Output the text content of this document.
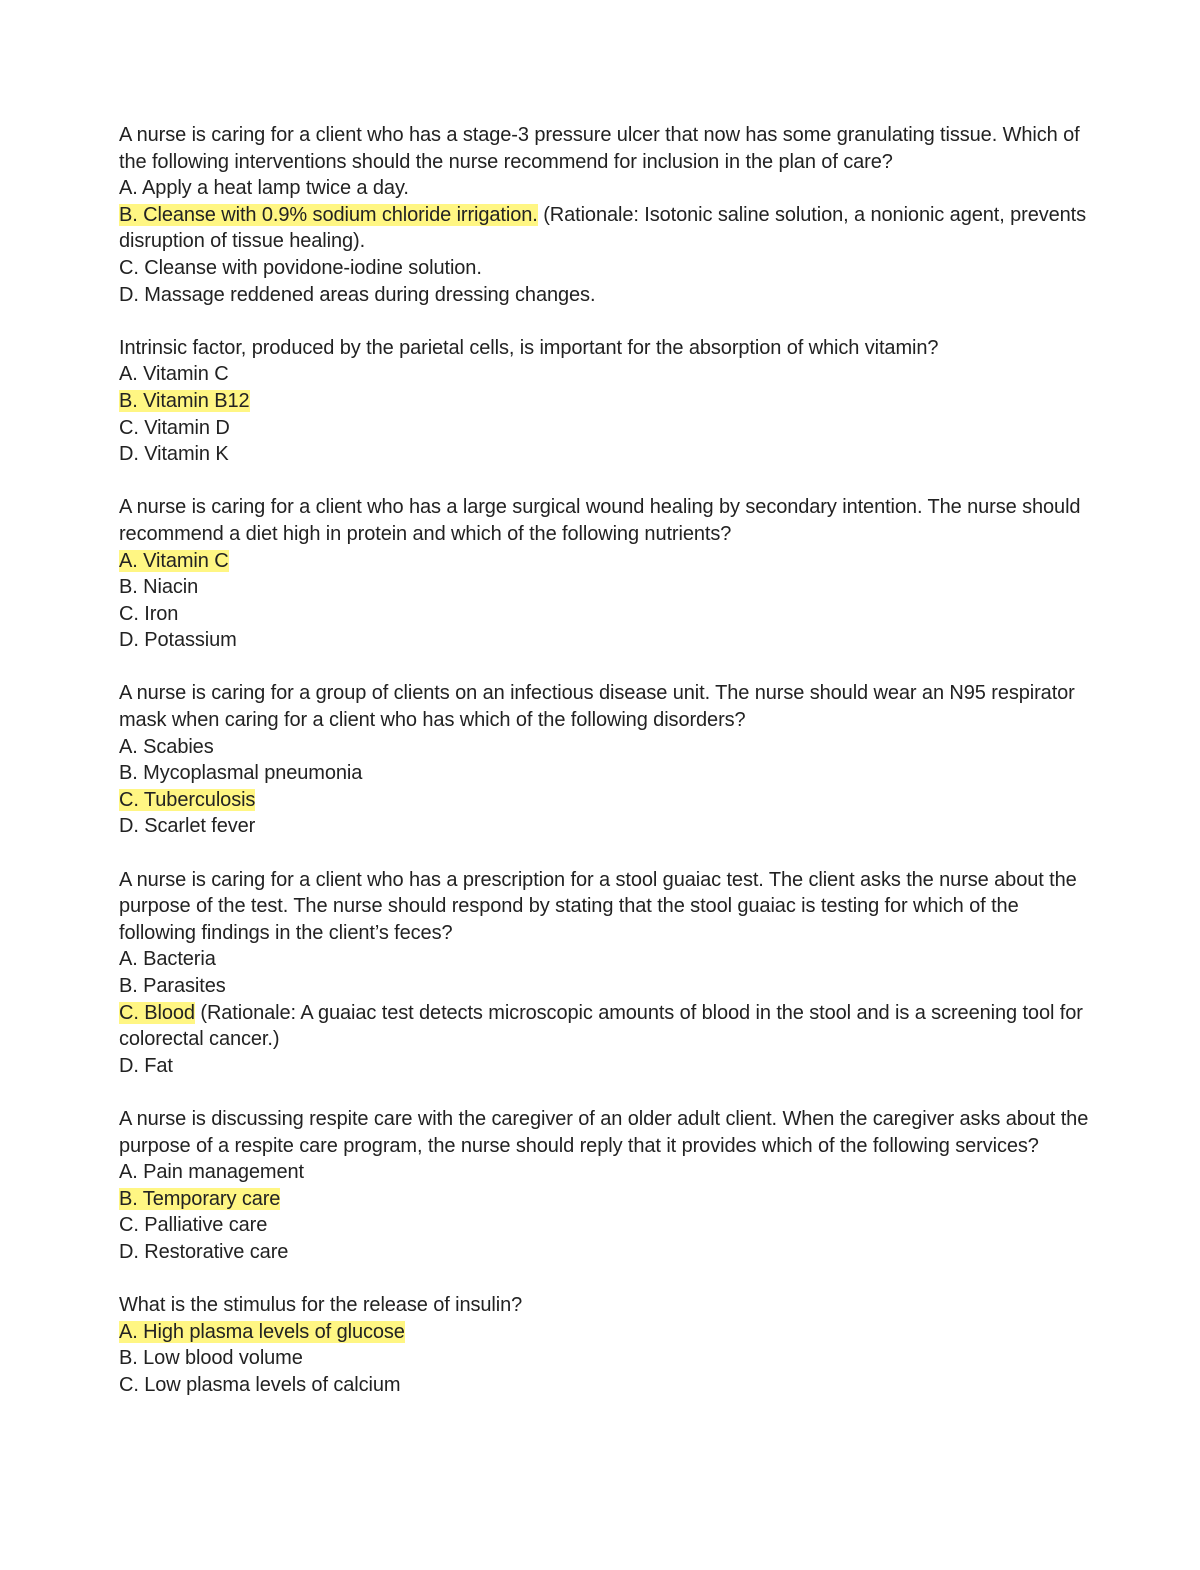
A nurse is caring for a client who has a stage-3 pressure ulcer that now has some granulating tissue. Which of the following interventions should the nurse recommend for inclusion in the plan of care?

A. Apply a heat lamp twice a day.

B. Cleanse with 0.9% sodium chloride irrigation. (Rationale: Isotonic saline solution, a nonionic agent, prevents disruption of tissue healing).

C. Cleanse with povidone-iodine solution.

D. Massage reddened areas during dressing changes.

Intrinsic factor, produced by the parietal cells, is important for the absorption of which vitamin?

A. Vitamin C

B. Vitamin B12

C. Vitamin D

D. Vitamin K

A nurse is caring for a client who has a large surgical wound healing by secondary intention. The nurse should recommend a diet high in protein and which of the following nutrients?

A. Vitamin C

B. Niacin

C. Iron

D. Potassium

A nurse is caring for a group of clients on an infectious disease unit. The nurse should wear an N95 respirator mask when caring for a client who has which of the following disorders?

A. Scabies

B. Mycoplasmal pneumonia

C. Tuberculosis

D. Scarlet fever

A nurse is caring for a client who has a prescription for a stool guaiac test. The client asks the nurse about the purpose of the test. The nurse should respond by stating that the stool guaiac is testing for which of the following findings in the client’s feces?

A. Bacteria

B. Parasites

C. Blood (Rationale: A guaiac test detects microscopic amounts of blood in the stool and is a screening tool for colorectal cancer.)

D. Fat

A nurse is discussing respite care with the caregiver of an older adult client. When the caregiver asks about the purpose of a respite care program, the nurse should reply that it provides which of the following services?

A. Pain management

B. Temporary care

C. Palliative care

D. Restorative care

What is the stimulus for the release of insulin?

A. High plasma levels of glucose

B. Low blood volume

C. Low plasma levels of calcium
